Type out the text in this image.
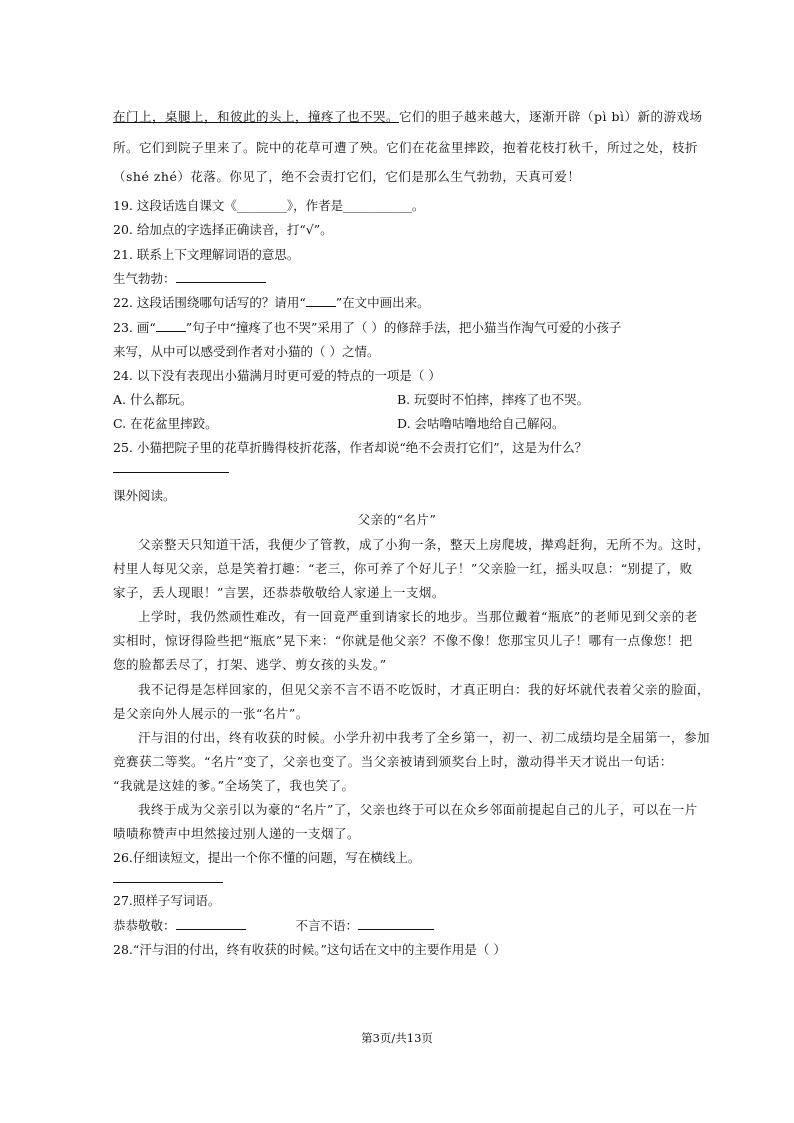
在门上，桌腿上，和彼此的头上，撞疼了也不哭。它们的胆子越来越大，逐渐开辟（pì bì）新的游戏场
所。它们到院子里来了。院中的花草可遭了殃。它们在花盆里摔跤，抱着花枝打秋千，所过之处，枝折
（shé zhé）花落。你见了，绝不会责打它们，它们是那么生气勃勃，天真可爱！
19. 这段话选自课文《________》，作者是___________。
20. 给加点的字选择正确读音，打“√”。
21. 联系上下文理解词语的意思。
生气勃勃：
22. 这段话围绕哪句话写的？请用“ ”在文中画出来。
23. 画“ ”句子中“撞疼了也不哭”采用了（ ）的修辞手法，把小猫当作淘气可爱的小孩子
来写，从中可以感受到作者对小猫的（ ）之情。
24. 以下没有表现出小猫满月时更可爱的特点的一项是（ ）
A. 什么都玩。	B. 玩耍时不怕摔，摔疼了也不哭。
C. 在花盆里摔跤。	D. 会咕噜咕噜地给自己解闷。
25. 小猫把院子里的花草折腾得枝折花落，作者却说“绝不会责打它们”，这是为什么？
课外阅读。
父亲的“名片”
父亲整天只知道干活，我便少了管教，成了小狗一条，整天上房爬坡，撵鸡赶狗，无所不为。这时，
村里人每见父亲，总是笑着打趣：“老三，你可养了个好儿子！”父亲脸一红，摇头叹息：“别提了，败
家子，丢人现眼！”言罢，还恭恭敬敬给人家递上一支烟。
上学时，我仍然顽性难改，有一回竟严重到请家长的地步。当那位戴着“瓶底”的老师见到父亲的老
实相时，惊讶得险些把“瓶底”晃下来：“你就是他父亲？不像不像！您那宝贝儿子！哪有一点像您！把
您的脸都丢尽了，打架、逃学、剪女孩的头发。”
我不记得是怎样回家的，但见父亲不言不语不吃饭时，才真正明白：我的好坏就代表着父亲的脸面，
是父亲向外人展示的一张“名片”。
汗与泪的付出，终有收获的时候。小学升初中我考了全乡第一，初一、初二成绩均是全届第一，参加
竞赛获二等奖。“名片”变了，父亲也变了。当父亲被请到颁奖台上时，激动得半天才说出一句话：
“我就是这娃的爹。”全场笑了，我也笑了。
我终于成为父亲引以为豪的“名片”了，父亲也终于可以在众乡邻面前提起自己的儿子，可以在一片
啧啧称赞声中坦然接过别人递的一支烟了。
26.仔细读短文，提出一个你不懂的问题，写在横线上。
27.照样子写词语。
恭恭敬敬：	不言不语：
28.“汗与泪的付出，终有收获的时候。”这句话在文中的主要作用是（ ）
第3页/共13页
